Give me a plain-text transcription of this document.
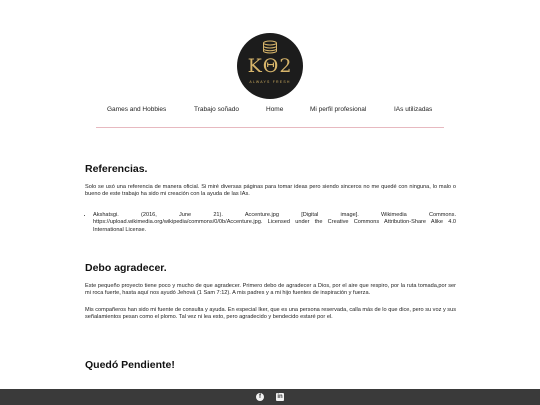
KΘ2
ALWAYS FRESH
Games and Hobbies	Trabajo soñado	Home	Mi perfil profesional	IAs utilizadas
Referencias.

Solo se usó una referencia de manera oficial. Si miré diversas páginas para tomar ideas pero siendo sinceros no me quedé con ninguna, lo malo o bueno de este trabajo ha sido mi creación con la ayuda de las IAs.

• Akshatsgi. (2016, June 21). Accenture.jpg [Digital image]. Wikimedia Commons. https://upload.wikimedia.org/wikipedia/commons/0/0b/Accenture.jpg. Licensed under the Creative Commons Attribution-Share Alike 4.0 International License.
Debo agradecer.

Este pequeño proyecto tiene poco y mucho de que agradecer. Primero debo de agradecer a Dios, por el aire que respiro, por la ruta tomada,por ser mi roca fuerte, hasta aquí nos ayudó Jehová (1 Sam 7:12). A mis padres y a mi hijo fuentes de inspiración y fuerza.

Mis compañeros han sido mi fuente de consulta y ayuda. En especial Iker, que es una persona reservada, calla más de lo que dice, pero su voz y sus señalamientos pesan como el plomo. Tal vez ni lea esto, pero agradecido y bendecido estaré por el.

Quedó Pendiente!
f	in
